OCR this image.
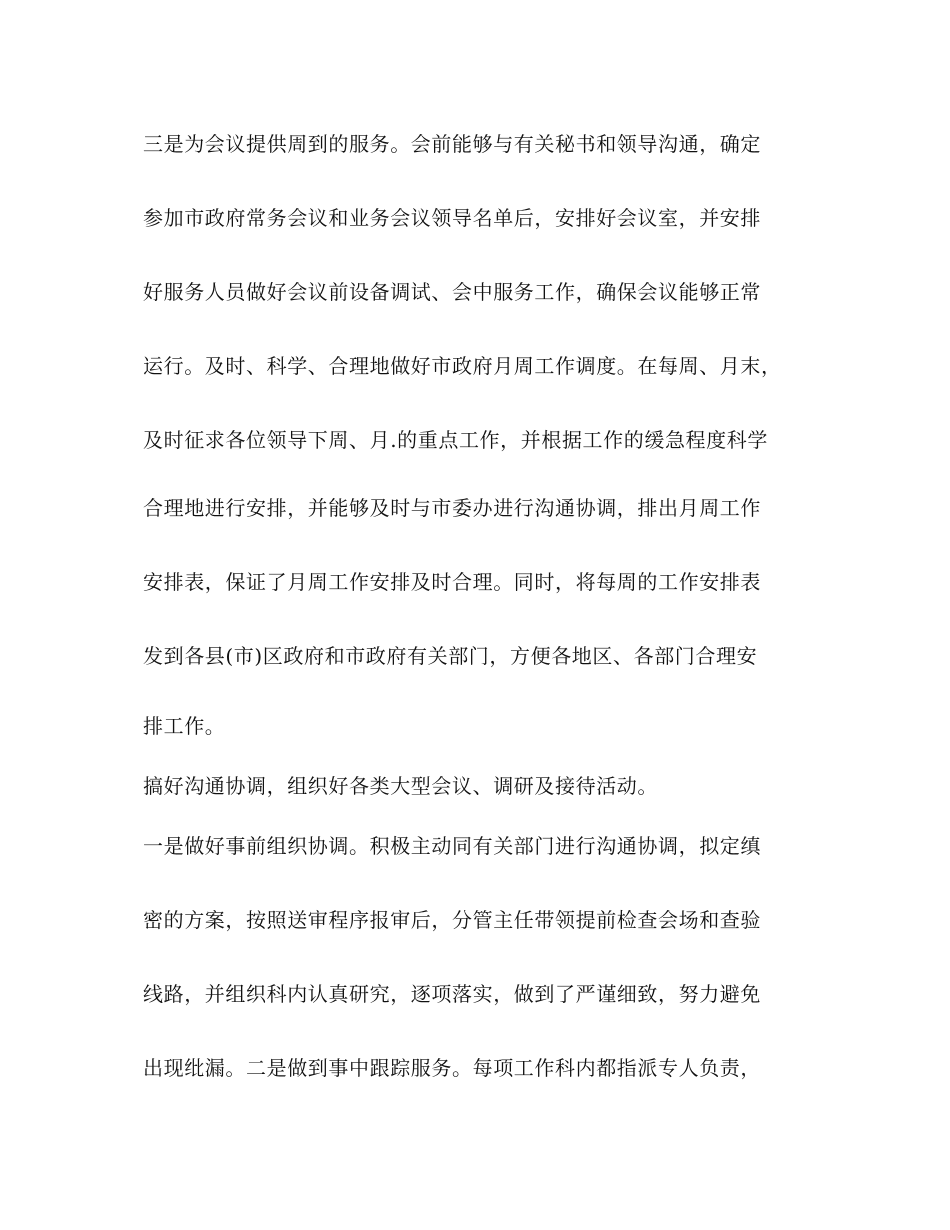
三是为会议提供周到的服务。会前能够与有关秘书和领导沟通，确定

参加市政府常务会议和业务会议领导名单后，安排好会议室，并安排

好服务人员做好会议前设备调试、会中服务工作，确保会议能够正常

运行。及时、科学、合理地做好市政府月周工作调度。在每周、月末，

及时征求各位领导下周、月.的重点工作，并根据工作的缓急程度科学

合理地进行安排，并能够及时与市委办进行沟通协调，排出月周工作

安排表，保证了月周工作安排及时合理。同时，将每周的工作安排表

发到各县(市)区政府和市政府有关部门，方便各地区、各部门合理安

排工作。

搞好沟通协调，组织好各类大型会议、调研及接待活动。

一是做好事前组织协调。积极主动同有关部门进行沟通协调，拟定缜

密的方案，按照送审程序报审后，分管主任带领提前检查会场和查验

线路，并组织科内认真研究，逐项落实，做到了严谨细致，努力避免

出现纰漏。二是做到事中跟踪服务。每项工作科内都指派专人负责，
